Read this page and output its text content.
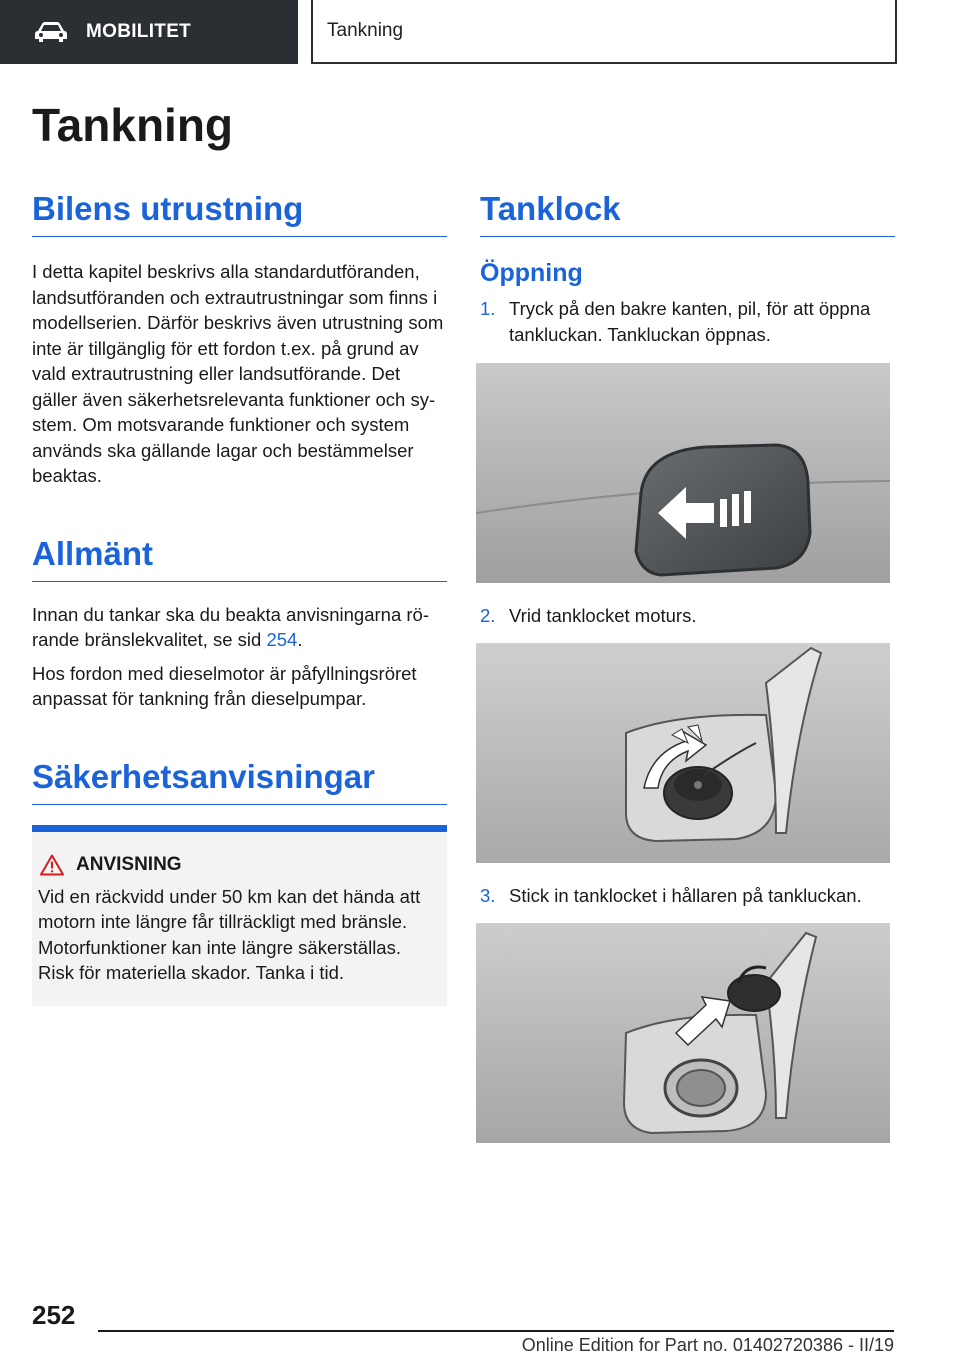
MOBILITET	Tankning
Tankning
Bilens utrustning

I detta kapitel beskrivs alla standardutföranden, landsutföranden och extrautrustningar som finns i modellserien. Därför beskrivs även utrustning som inte är tillgänglig för ett fordon t.ex. på grund av vald extrautrustning eller landsutförande. Det gäller även säkerhetsrelevanta funktioner och sy‐stem. Om motsvarande funktioner och system används ska gällande lagar och bestämmelser beaktas.

Allmänt

Innan du tankar ska du beakta anvisningarna rö‐rande bränslekvalitet, se sid 254.

Hos fordon med dieselmotor är påfyllningsröret anpassat för tankning från dieselpumpar.

Säkerhetsanvisningar
ANVISNING

Vid en räckvidd under 50 km kan det hända att motorn inte längre får tillräckligt med bränsle. Motorfunktioner kan inte längre säkerställas. Risk för materiella skador. Tanka i tid.

Tanklock
Öppning
1. Tryck på den bakre kanten, pil, för att öppna tankluckan. Tankluckan öppnas.
2. Vrid tanklocket moturs.
3. Stick in tanklocket i hållaren på tankluckan.

252

Online Edition for Part no. 01402720386 - II/19
